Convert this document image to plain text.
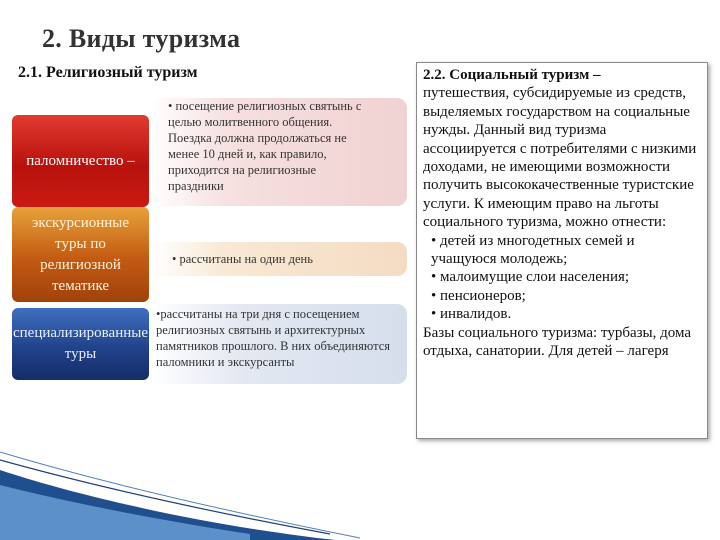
2. Виды туризма
2.1. Религиозный туризм
паломничество –
• посещение религиозных святынь с
целью молитвенного общения.
Поездка должна продолжаться не
менее 10 дней и, как правило,
приходится на религиозные
праздники
экскурсионные туры по религиозной тематике
• рассчитаны на один день
специализированные туры
•рассчитаны на три дня с посещением религиозных святынь и архитектурных памятников прошлого. В них объединяются паломники и экскурсанты
2.2. Социальный туризм –
путешествия, субсидируемые из средств, выделяемых государством на социальные нужды. Данный вид туризма ассоциируется с потребителями с низкими доходами, не имеющими возможности получить высококачественные туристские услуги. К имеющим право на льготы социального туризма, можно отнести:
• детей из многодетных семей и учащуюся молодежь;
• малоимущие слои населения;
• пенсионеров;
• инвалидов.
Базы социального туризма: турбазы, дома отдыха, санатории. Для детей – лагеря
